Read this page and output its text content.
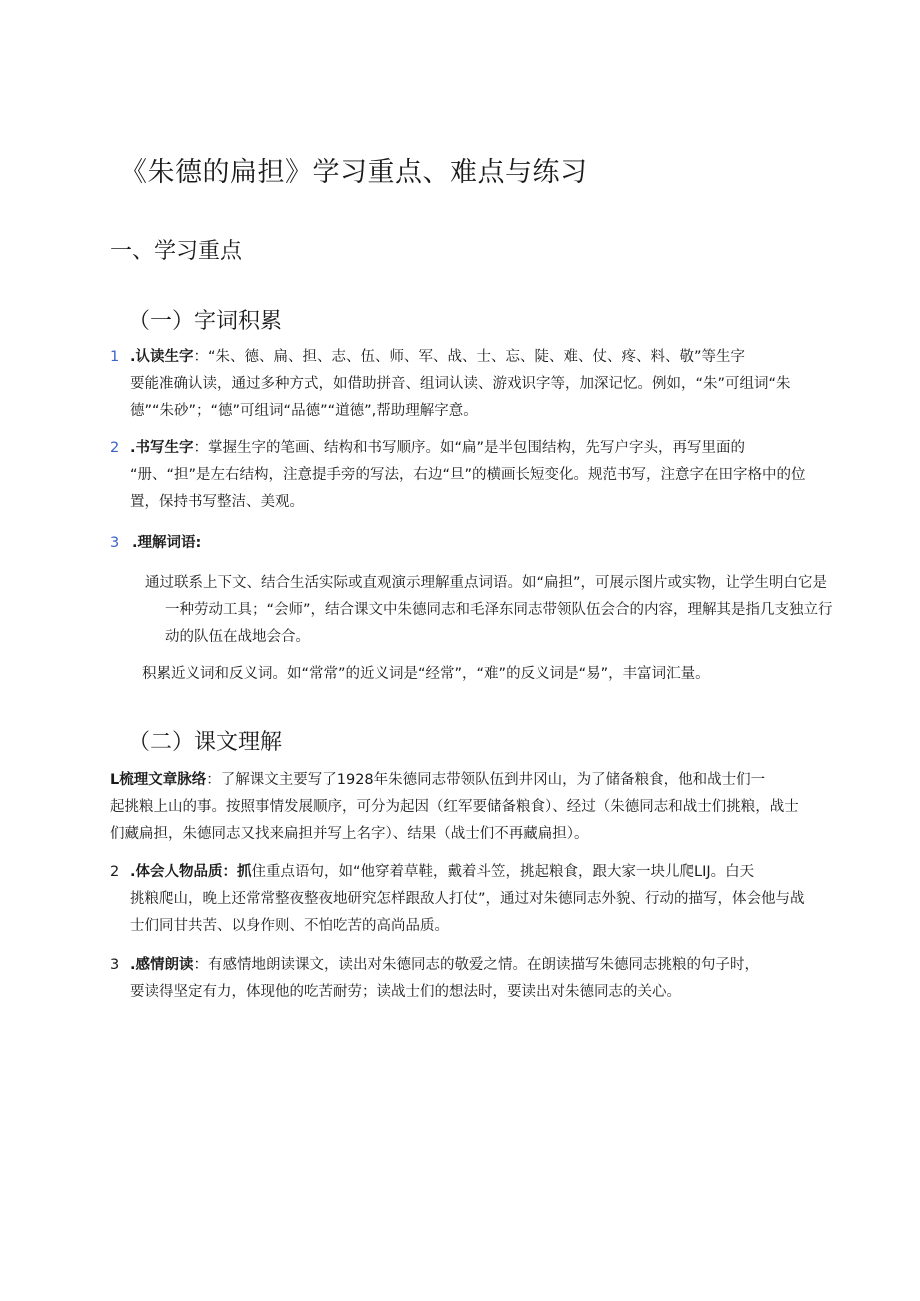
《朱德的扁担》学习重点、难点与练习
一、学习重点
（一）字词积累
1 .认读生字：“朱、德、扁、担、志、伍、师、军、战、士、忘、陡、难、仗、疼、料、敬”等生字
要能准确认读，通过多种方式，如借助拼音、组词认读、游戏识字等，加深记忆。例如，“朱”可组词“朱德”“朱砂”；“德”可组词“品德”“道德”,帮助理解字意。
2 .书写生字：掌握生字的笔画、结构和书写顺序。如“扁”是半包围结构，先写户字头，再写里面的
“册、“担”是左右结构，注意提手旁的写法，右边“旦”的横画长短变化。规范书写，注意字在田字格中的位置，保持书写整洁、美观。
3 .理解词语:
通过联系上下文、结合生活实际或直观演示理解重点词语。如“扁担”，可展示图片或实物，让学生明白它是一种劳动工具；“会师”，结合课文中朱德同志和毛泽东同志带领队伍会合的内容，理解其是指几支独立行动的队伍在战地会合。
积累近义词和反义词。如“常常”的近义词是“经常”，“难”的反义词是“易”，丰富词汇量。
（二）课文理解
L梳理文章脉络：了解课文主要写了1928年朱德同志带领队伍到井冈山，为了储备粮食，他和战士们一
起挑粮上山的事。按照事情发展顺序，可分为起因（红军要储备粮食）、经过（朱德同志和战士们挑粮，战士们藏扁担，朱德同志又找来扁担并写上名字）、结果（战士们不再藏扁担）。
2 .体会人物品质：抓住重点语句，如“他穿着草鞋，戴着斗笠，挑起粮食，跟大家一块儿爬LIJ。白天
挑粮爬山，晚上还常常整夜整夜地研究怎样跟敌人打仗”，通过对朱德同志外貌、行动的描写，体会他与战士们同甘共苦、以身作则、不怕吃苦的高尚品质。
3 .感情朗读：有感情地朗读课文，读出对朱德同志的敬爱之情。在朗读描写朱德同志挑粮的句子时，
要读得坚定有力，体现他的吃苦耐劳；读战士们的想法时，要读出对朱德同志的关心。
